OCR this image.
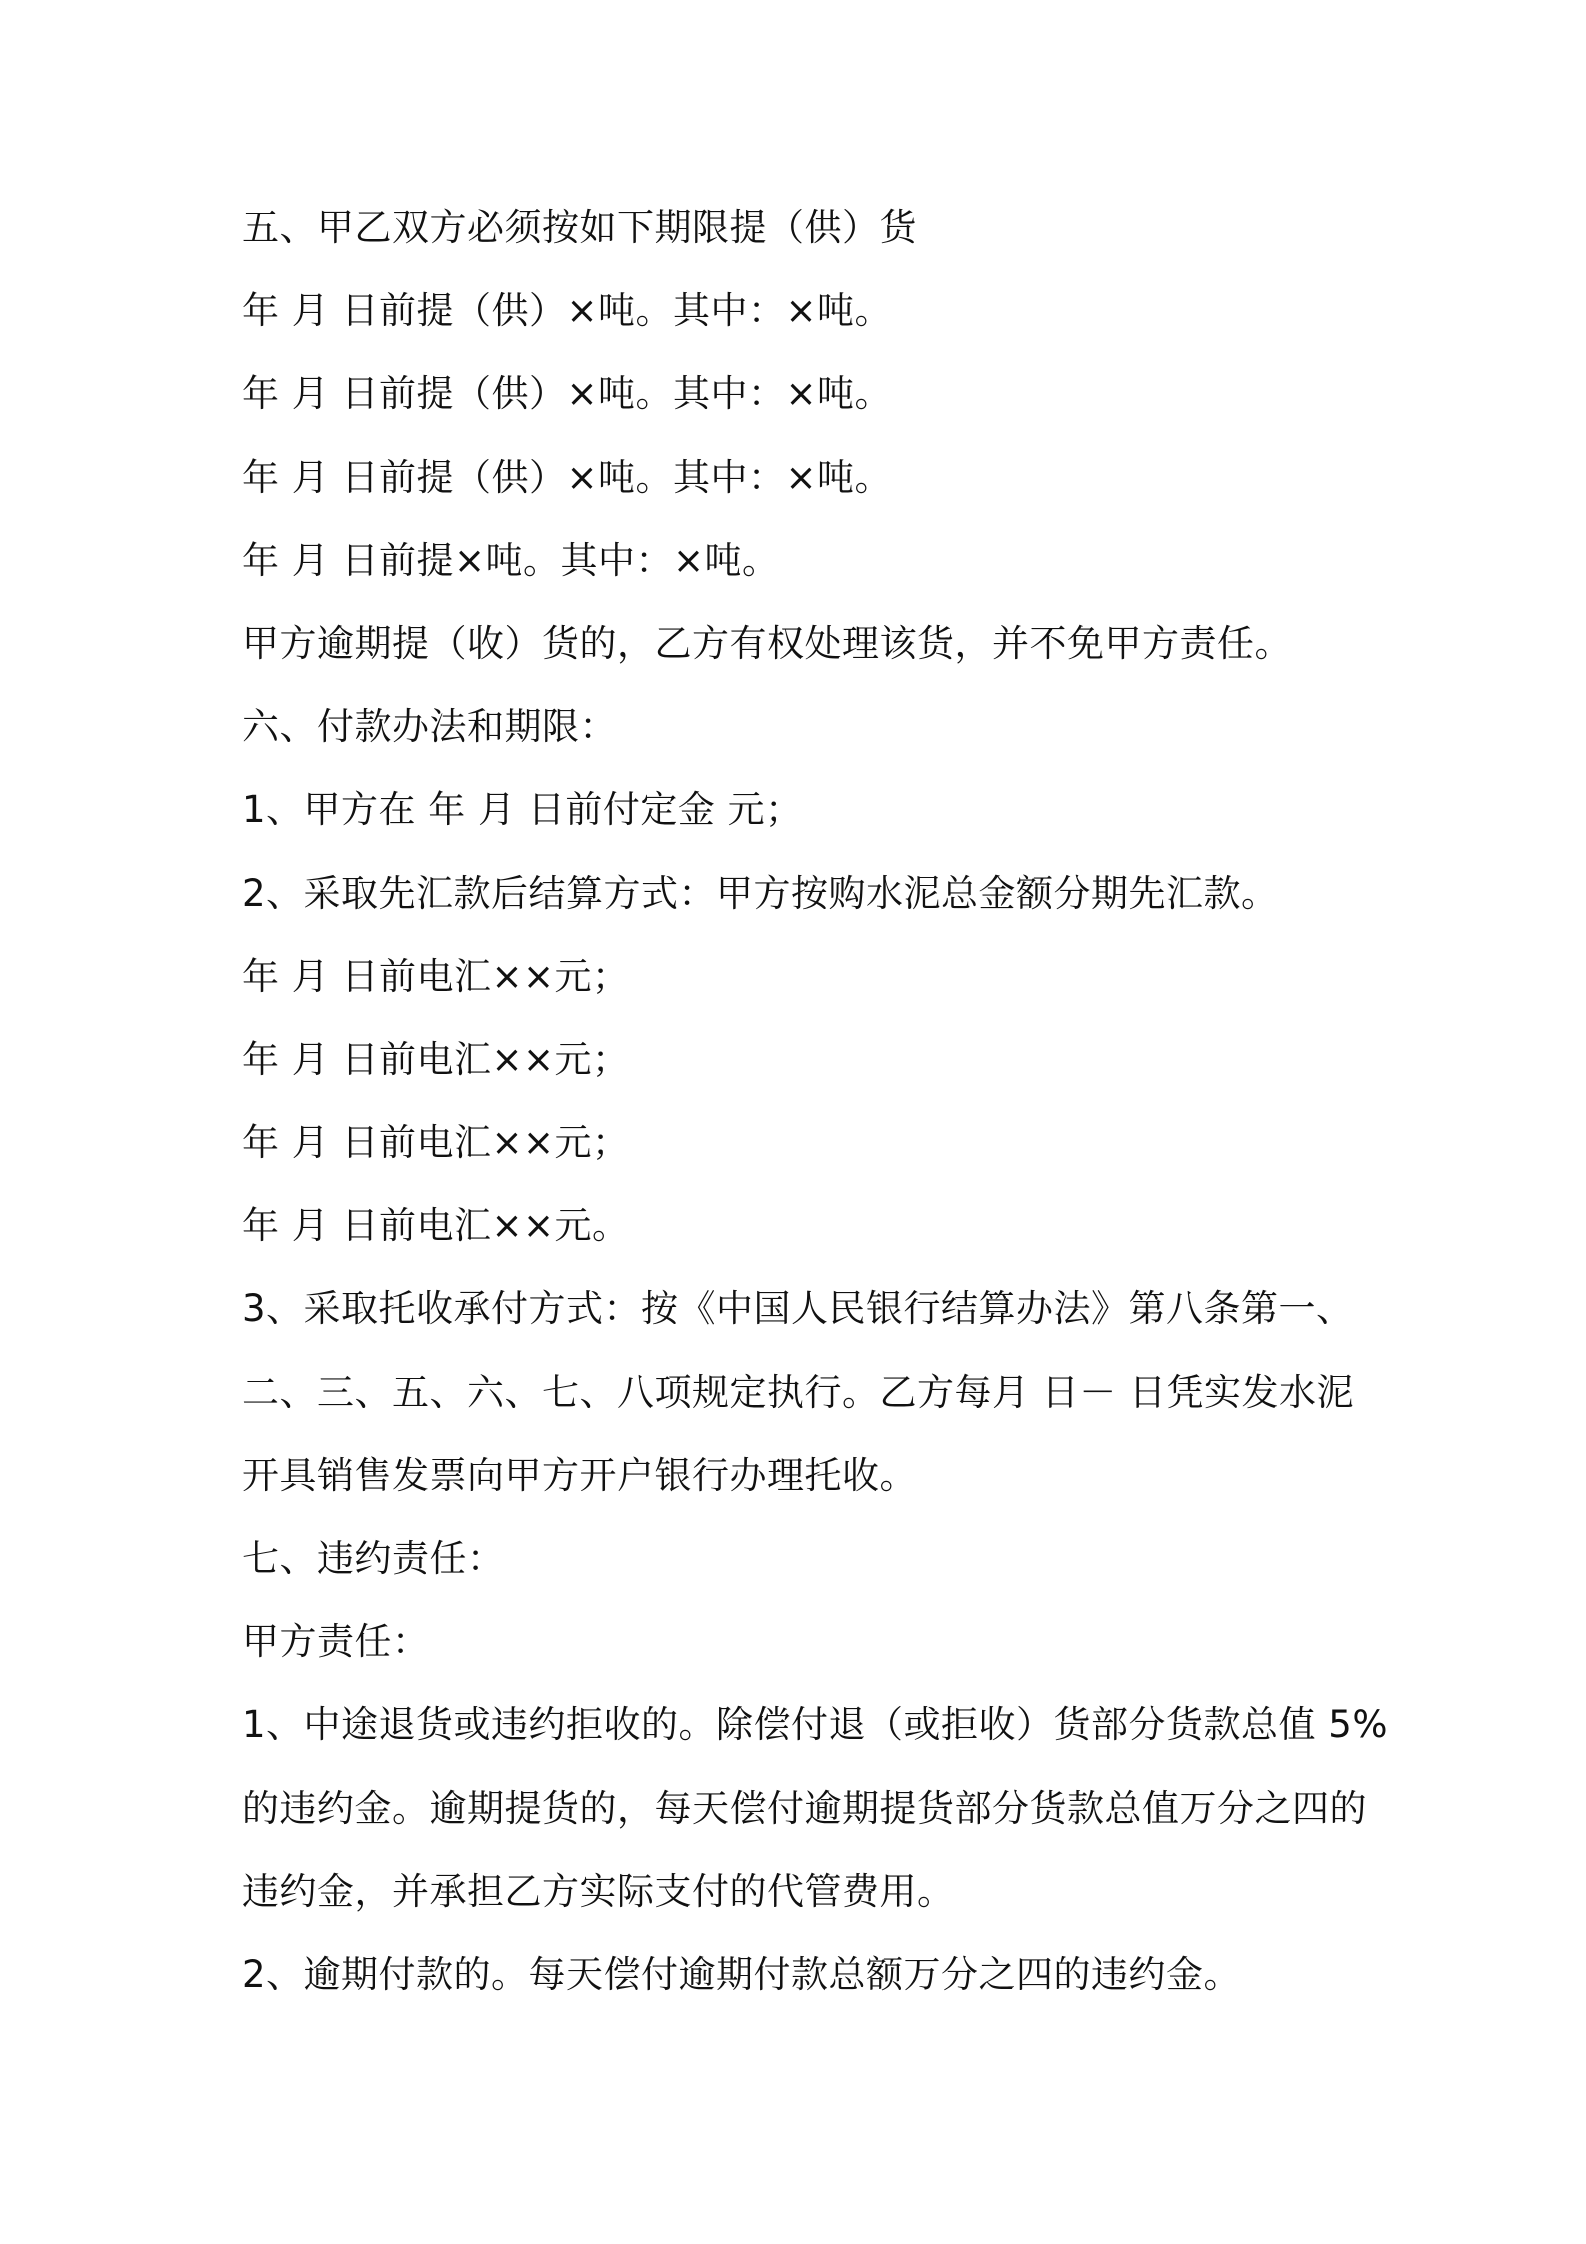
五、甲乙双方必须按如下期限提（供）货

年 月 日前提（供）×吨。其中：×吨。

年 月 日前提（供）×吨。其中：×吨。

年 月 日前提（供）×吨。其中：×吨。

年 月 日前提×吨。其中：×吨。

甲方逾期提（收）货的，乙方有权处理该货，并不免甲方责任。

六、付款办法和期限：

1、甲方在 年 月 日前付定金 元；

2、采取先汇款后结算方式：甲方按购水泥总金额分期先汇款。

年 月 日前电汇××元；

年 月 日前电汇××元；

年 月 日前电汇××元；

年 月 日前电汇××元。

3、采取托收承付方式：按《中国人民银行结算办法》第八条第一、

二、三、五、六、七、八项规定执行。乙方每月 日－ 日凭实发水泥

开具销售发票向甲方开户银行办理托收。

七、违约责任：

甲方责任：

1、中途退货或违约拒收的。除偿付退（或拒收）货部分货款总值 5%

的违约金。逾期提货的，每天偿付逾期提货部分货款总值万分之四的

违约金，并承担乙方实际支付的代管费用。

2、逾期付款的。每天偿付逾期付款总额万分之四的违约金。
